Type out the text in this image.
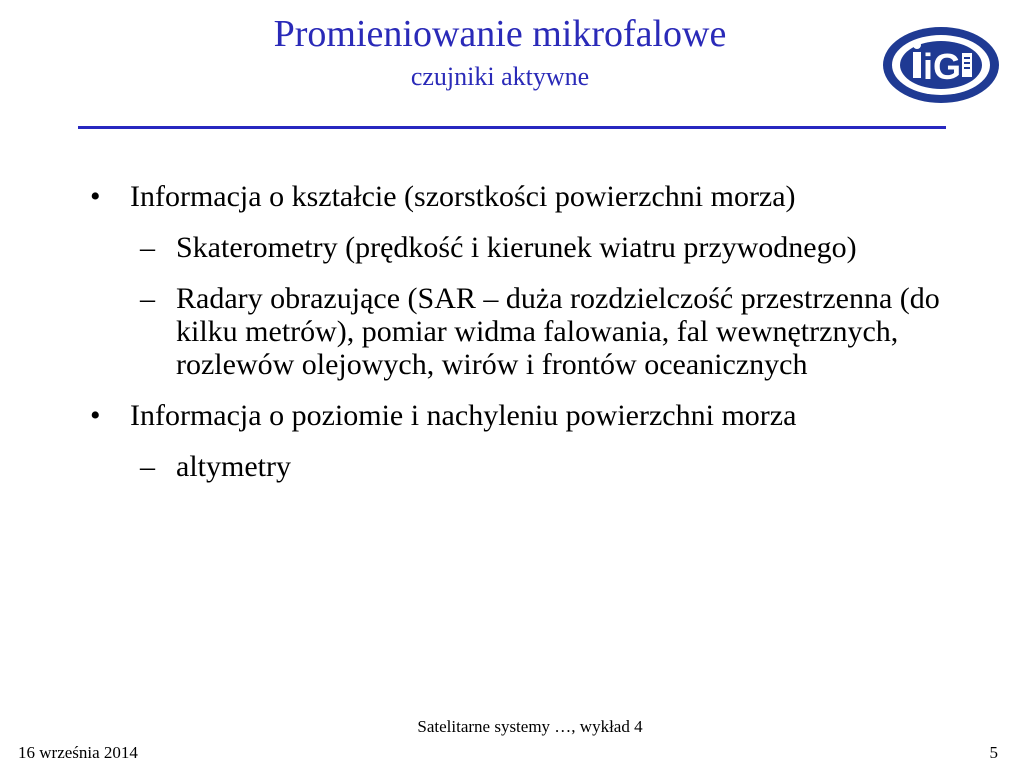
Promieniowanie mikrofalowe
czujniki aktywne	iG
• Informacja o kształcie (szorstkości powierzchni morza)
– Skaterometry (prędkość i kierunek wiatru przywodnego)
– Radary obrazujące (SAR – duża rozdzielczość przestrzenna (do kilku metrów), pomiar widma falowania, fal wewnętrznych, rozlewów olejowych, wirów i frontów oceanicznych
• Informacja o poziomie i nachyleniu powierzchni morza
– altymetry
Satelitarne systemy …, wykład 4
16 września 2014	5
